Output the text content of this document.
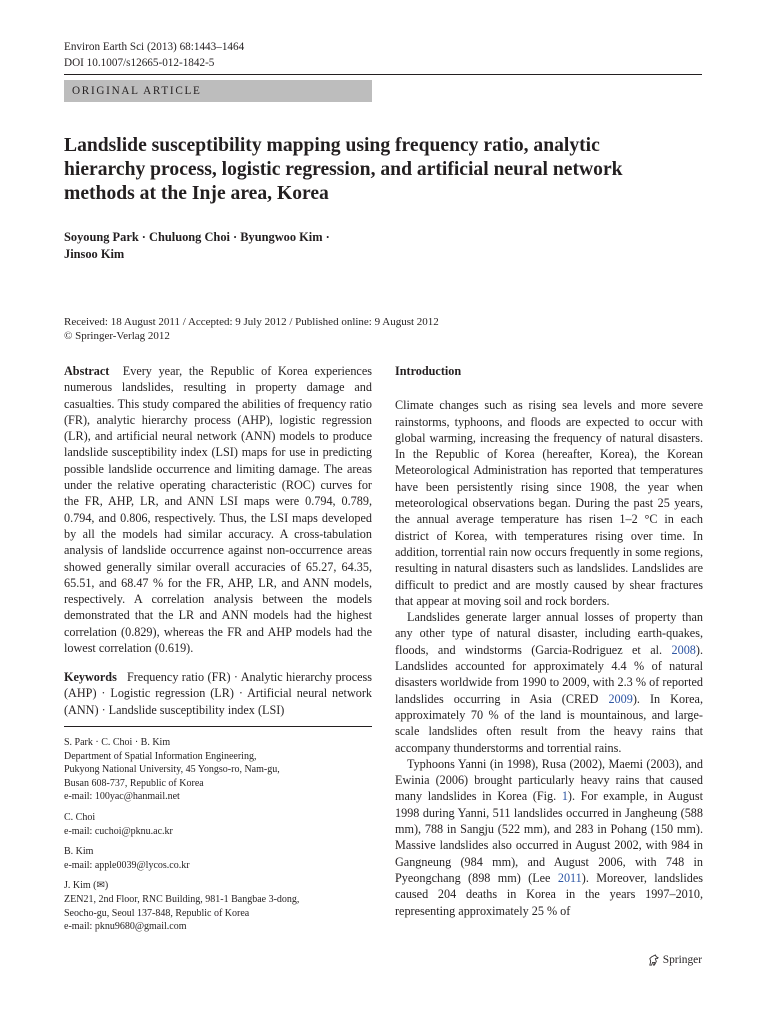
Environ Earth Sci (2013) 68:1443–1464
DOI 10.1007/s12665-012-1842-5
ORIGINAL ARTICLE
Landslide susceptibility mapping using frequency ratio, analytic hierarchy process, logistic regression, and artificial neural network methods at the Inje area, Korea
Soyoung Park · Chuluong Choi · Byungwoo Kim ·
Jinsoo Kim
Received: 18 August 2011 / Accepted: 9 July 2012 / Published online: 9 August 2012
© Springer-Verlag 2012

Abstract Every year, the Republic of Korea experiences numerous landslides, resulting in property damage and casualties. This study compared the abilities of frequency ratio (FR), analytic hierarchy process (AHP), logistic regression (LR), and artificial neural network (ANN) models to produce landslide susceptibility index (LSI) maps for use in predicting possible landslide occurrence and limiting damage. The areas under the relative operating characteristic (ROC) curves for the FR, AHP, LR, and ANN LSI maps were 0.794, 0.789, 0.794, and 0.806, respectively. Thus, the LSI maps developed by all the models had similar accuracy. A cross-tabulation analysis of landslide occurrence against non-occurrence areas showed generally similar overall accuracies of 65.27, 64.35, 65.51, and 68.47 % for the FR, AHP, LR, and ANN models, respectively. A correlation analysis between the models demonstrated that the LR and ANN models had the highest correlation (0.829), whereas the FR and AHP models had the lowest correlation (0.619).

Keywords Frequency ratio (FR) · Analytic hierarchy process (AHP) · Logistic regression (LR) · Artificial neural network (ANN) · Landslide susceptibility index (LSI)

S. Park · C. Choi · B. Kim
Department of Spatial Information Engineering,
Pukyong National University, 45 Yongso-ro, Nam-gu,
Busan 608-737, Republic of Korea
e-mail: 100yac@hanmail.net

C. Choi
e-mail: cuchoi@pknu.ac.kr

B. Kim
e-mail: apple0039@lycos.co.kr

J. Kim (✉)
ZEN21, 2nd Floor, RNC Building, 981-1 Bangbae 3-dong,
Seocho-gu, Seoul 137-848, Republic of Korea
e-mail: pknu9680@gmail.com

Introduction

Climate changes such as rising sea levels and more severe rainstorms, typhoons, and floods are expected to occur with global warming, increasing the frequency of natural disasters. In the Republic of Korea (hereafter, Korea), the Korean Meteorological Administration has reported that temperatures have been persistently rising since 1908, the year when meteorological observations began. During the past 25 years, the annual average temperature has risen 1–2 °C in each district of Korea, with temperatures rising over time. In addition, torrential rain now occurs frequently in some regions, resulting in natural disasters such as landslides. Landslides are difficult to predict and are mostly caused by shear fractures that appear at moving soil and rock borders.

Landslides generate larger annual losses of property than any other type of natural disaster, including earth-quakes, floods, and windstorms (Garcia-Rodriguez et al. 2008). Landslides accounted for approximately 4.4 % of natural disasters worldwide from 1990 to 2009, with 2.3 % of reported landslides occurring in Asia (CRED 2009). In Korea, approximately 70 % of the land is mountainous, and large-scale landslides often result from the heavy rains that accompany thunderstorms and torrential rains.

Typhoons Yanni (in 1998), Rusa (2002), Maemi (2003), and Ewinia (2006) brought particularly heavy rains that caused many landslides in Korea (Fig. 1). For example, in August 1998 during Yanni, 511 landslides occurred in Jangheung (588 mm), 788 in Sangju (522 mm), and 283 in Pohang (150 mm). Massive landslides also occurred in August 2002, with 984 in Gangneung (984 mm), and August 2006, with 748 in Pyeongchang (898 mm) (Lee 2011). Moreover, landslides caused 204 deaths in Korea in the years 1997–2010, representing approximately 25 % of

Springer
